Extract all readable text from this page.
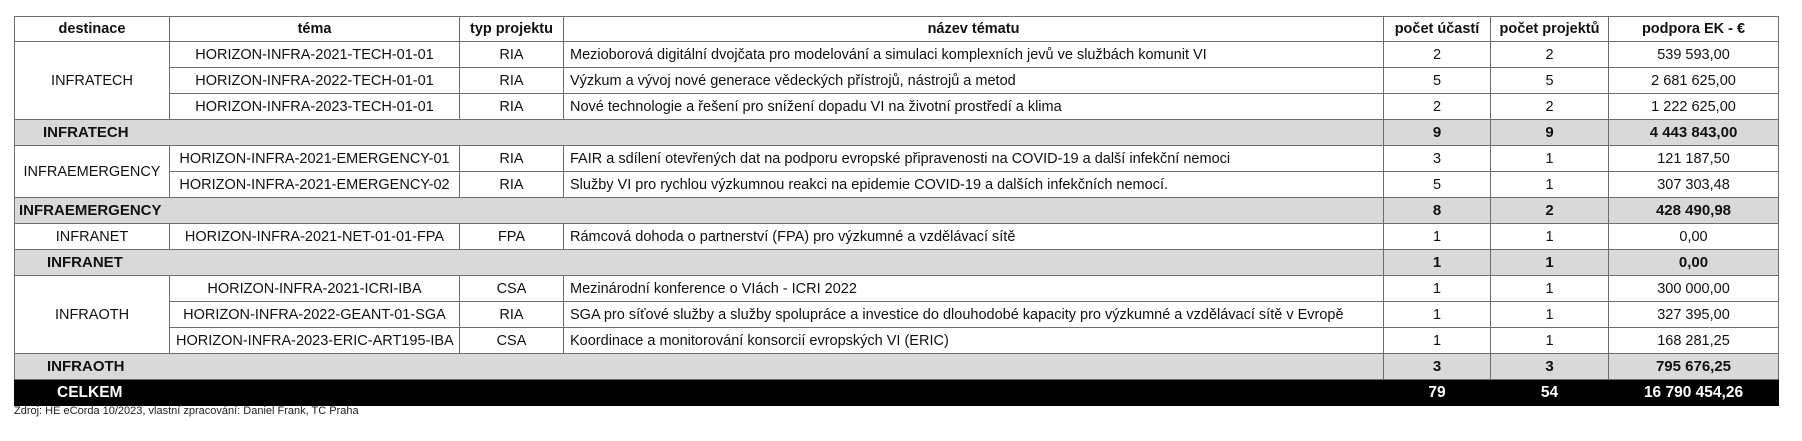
destinace	téma	typ projektu	název tématu	počet účastí	počet projektů	podpora EK - €
INFRATECH	HORIZON-INFRA-2021-TECH-01-01	RIA	Mezioborová digitální dvojčata pro modelování a simulaci komplexních jevů ve službách komunit VI	2	2	539 593,00
	HORIZON-INFRA-2022-TECH-01-01	RIA	Výzkum a vývoj nové generace vědeckých přístrojů, nástrojů a metod	5	5	2 681 625,00
	HORIZON-INFRA-2023-TECH-01-01	RIA	Nové technologie a řešení pro snížení dopadu VI na životní prostředí a klima	2	2	1 222 625,00
INFRATECH				9	9	4 443 843,00
INFRAEMERGENCY	HORIZON-INFRA-2021-EMERGENCY-01	RIA	FAIR a sdílení otevřených dat na podporu evropské připravenosti na COVID-19 a další infekční nemoci	3	1	121 187,50
	HORIZON-INFRA-2021-EMERGENCY-02	RIA	Služby VI pro rychlou výzkumnou reakci na epidemie COVID-19 a dalších infekčních nemocí.	5	1	307 303,48
INFRAEMERGENCY				8	2	428 490,98
INFRANET	HORIZON-INFRA-2021-NET-01-01-FPA	FPA	Rámcová dohoda o partnerství (FPA) pro výzkumné a vzdělávací sítě	1	1	0,00
INFRANET				1	1	0,00
INFRAOTH	HORIZON-INFRA-2021-ICRI-IBA	CSA	Mezinárodní konference o VIách - ICRI 2022	1	1	300 000,00
	HORIZON-INFRA-2022-GEANT-01-SGA	RIA	SGA pro síťové služby a služby spolupráce a investice do dlouhodobé kapacity pro výzkumné a vzdělávací sítě v Evropě	1	1	327 395,00
	HORIZON-INFRA-2023-ERIC-ART195-IBA	CSA	Koordinace a monitorování konsorcií evropských VI (ERIC)	1	1	168 281,25
INFRAOTH				3	3	795 676,25
CELKEM				79	54	16 790 454,26
Zdroj: HE eCorda 10/2023, vlastní zpracování: Daniel Frank, TC Praha
